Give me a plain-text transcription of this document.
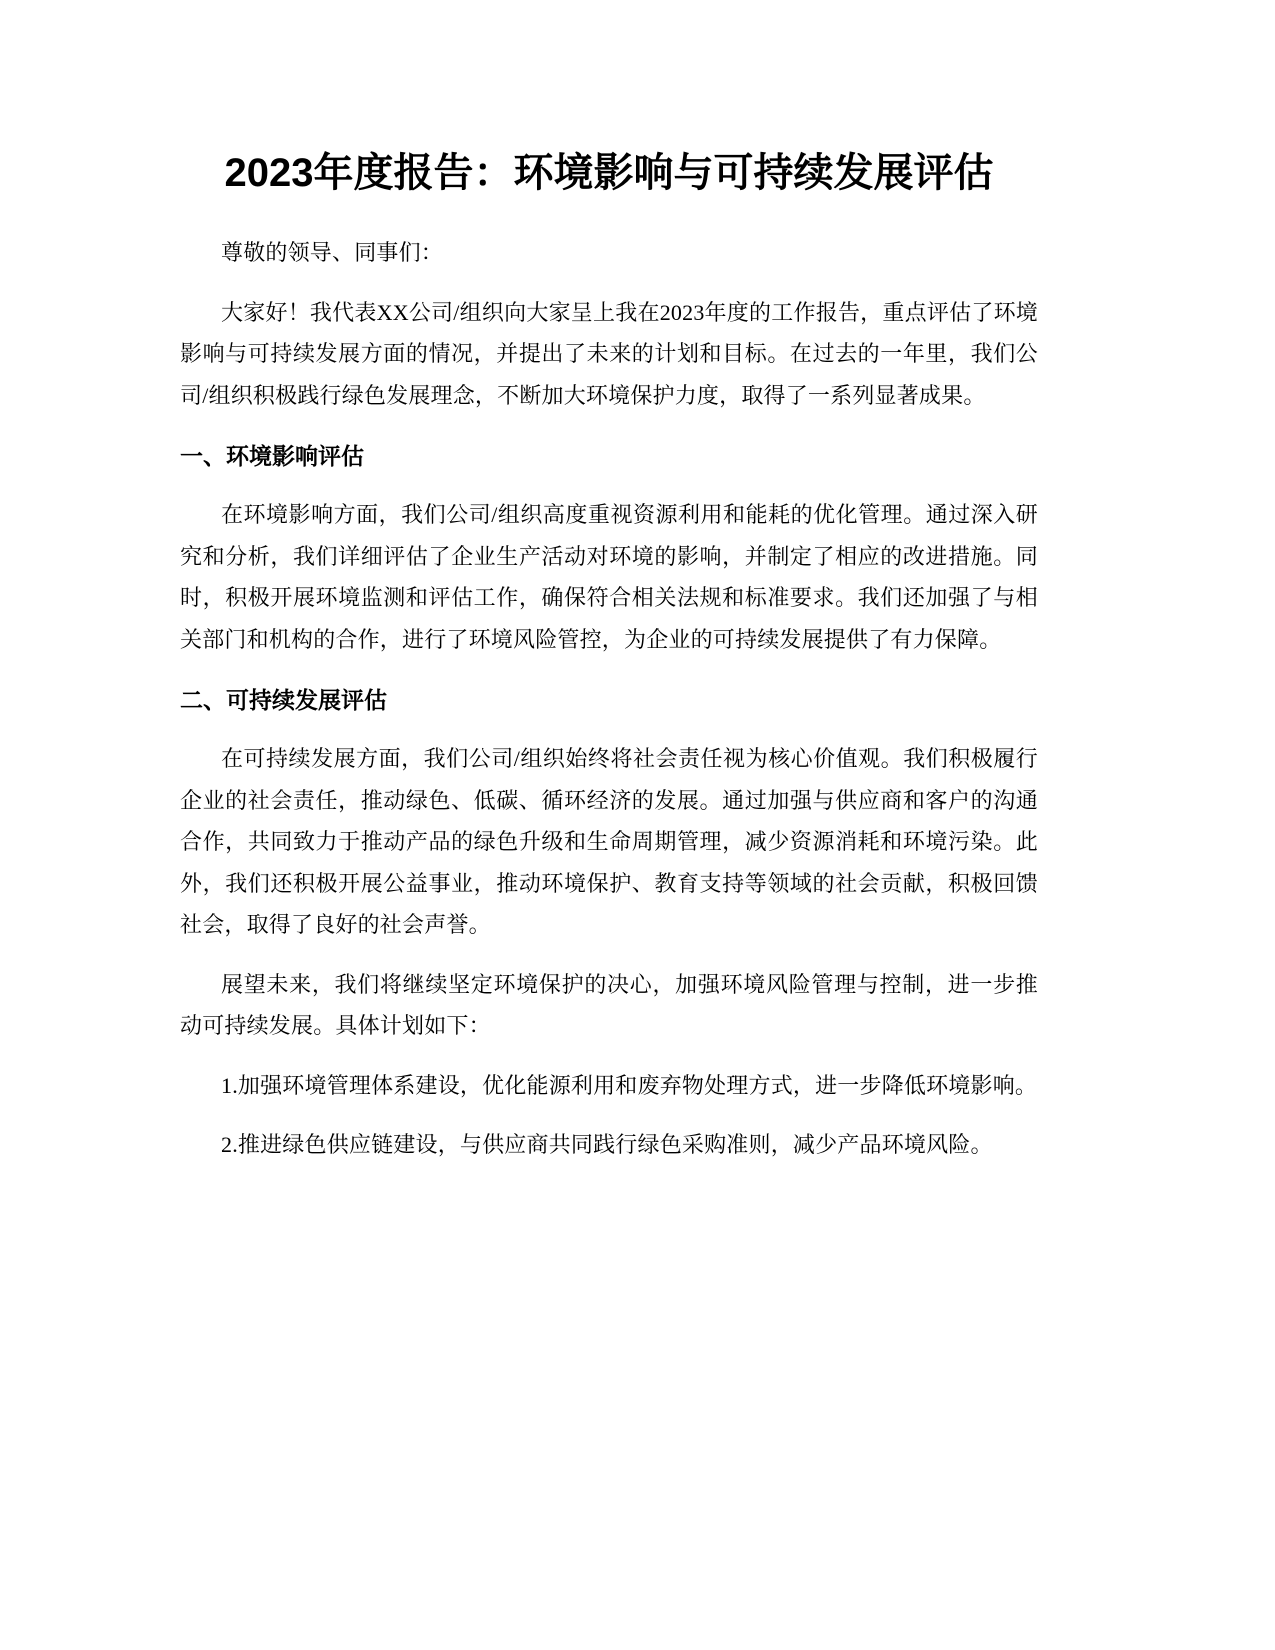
2023年度报告：环境影响与可持续发展评估

尊敬的领导、同事们：

大家好！我代表XX公司/组织向大家呈上我在2023年度的工作报告，重点评估了环境影响与可持续发展方面的情况，并提出了未来的计划和目标。在过去的一年里，我们公司/组织积极践行绿色发展理念，不断加大环境保护力度，取得了一系列显著成果。

一、环境影响评估

在环境影响方面，我们公司/组织高度重视资源利用和能耗的优化管理。通过深入研究和分析，我们详细评估了企业生产活动对环境的影响，并制定了相应的改进措施。同时，积极开展环境监测和评估工作，确保符合相关法规和标准要求。我们还加强了与相关部门和机构的合作，进行了环境风险管控，为企业的可持续发展提供了有力保障。

二、可持续发展评估

在可持续发展方面，我们公司/组织始终将社会责任视为核心价值观。我们积极履行企业的社会责任，推动绿色、低碳、循环经济的发展。通过加强与供应商和客户的沟通合作，共同致力于推动产品的绿色升级和生命周期管理，减少资源消耗和环境污染。此外，我们还积极开展公益事业，推动环境保护、教育支持等领域的社会贡献，积极回馈社会，取得了良好的社会声誉。

展望未来，我们将继续坚定环境保护的决心，加强环境风险管理与控制，进一步推动可持续发展。具体计划如下：

1.加强环境管理体系建设，优化能源利用和废弃物处理方式，进一步降低环境影响。

2.推进绿色供应链建设，与供应商共同践行绿色采购准则，减少产品环境风险。
